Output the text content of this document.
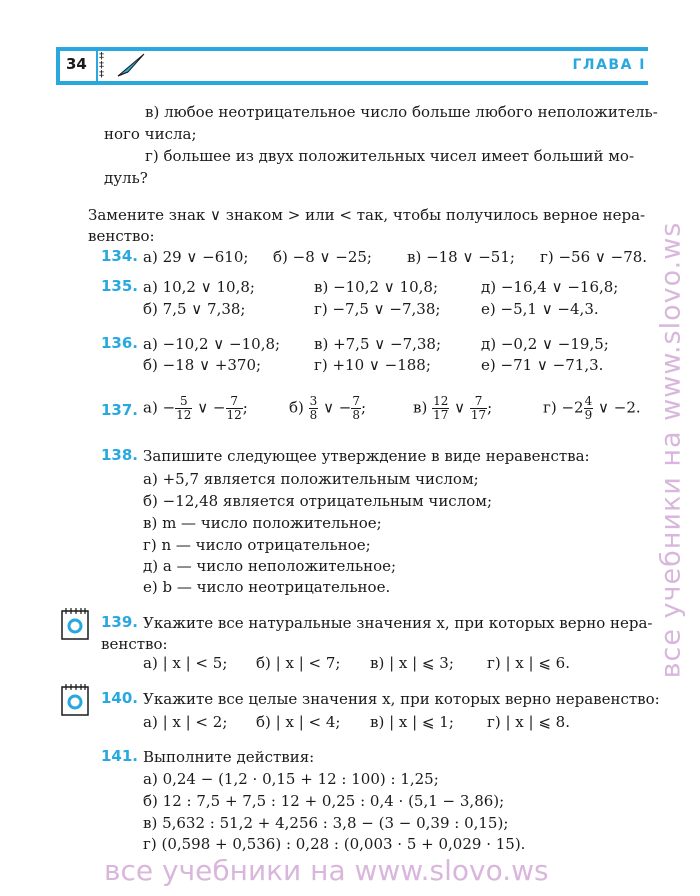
34 ‡
‡
‡
ГЛАВА I
в) любое неотрицательное число больше любого неположитель-
ного числа;
г) большее из двух положительных чисел имеет больший мо-
дуль?
Замените знак ∨ знаком > или < так, чтобы получилось верное нера-
венство:
134. а) 29 ∨ −610; б) −8 ∨ −25; в) −18 ∨ −51; г) −56 ∨ −78.
135. а) 10,2 ∨ 10,8;	в) −10,2 ∨ 10,8;	д) −16,4 ∨ −16,8;
б) 7,5 ∨ 7,38;	г) −7,5 ∨ −7,38;	е) −5,1 ∨ −4,3.
136. а) −10,2 ∨ −10,8; в) +7,5 ∨ −7,38;	д) −0,2 ∨ −19,5;
б) −18 ∨ +370;	г) +10 ∨ −188;	е) −71 ∨ −71,3.
137. $а) - \frac{5}{12}$ ∨ − $\frac{7}{12}$ ;	$б) \frac{3}{8}$ ∨ − $\frac{7}{8}$ ;	$в) \frac{12}{17}$ ∨ $\frac{7}{17}$ ;	$г) -2 \frac{4}{9}$ ∨ −2.
138. Запишите следующее утверждение в виде неравенства:
а) +5,7 является положительным числом;
б) −12,48 является отрицательным числом;
в) m — число положительное;
г) n — число отрицательное;
д) a — число неположительное;
е) b — число неотрицательное.
139. Укажите все натуральные значения x, при которых верно нера-
венство:
а) | x | < 5; б) | x | < 7; в) | x | ⩽ 3; г) | x | ⩽ 6.
140. Укажите все целые значения x, при которых верно неравенство:
а) | x | < 2; б) | x | < 4; в) | x | ⩽ 1; г) | x | ⩽ 8.
141. Выполните действия:
а) 0,24 − (1,2 · 0,15 + 12 : 100) : 1,25;
б) 12 : 7,5 + 7,5 : 12 + 0,25 : 0,4 · (5,1 − 3,86);
в) 5,632 : 51,2 + 4,256 : 3,8 − (3 − 0,39 : 0,15);
г) (0,598 + 0,536) : 0,28 : (0,003 · 5 + 0,029 · 15).
все учебники на www.slovo.ws
все учебники на www.slovo.ws
